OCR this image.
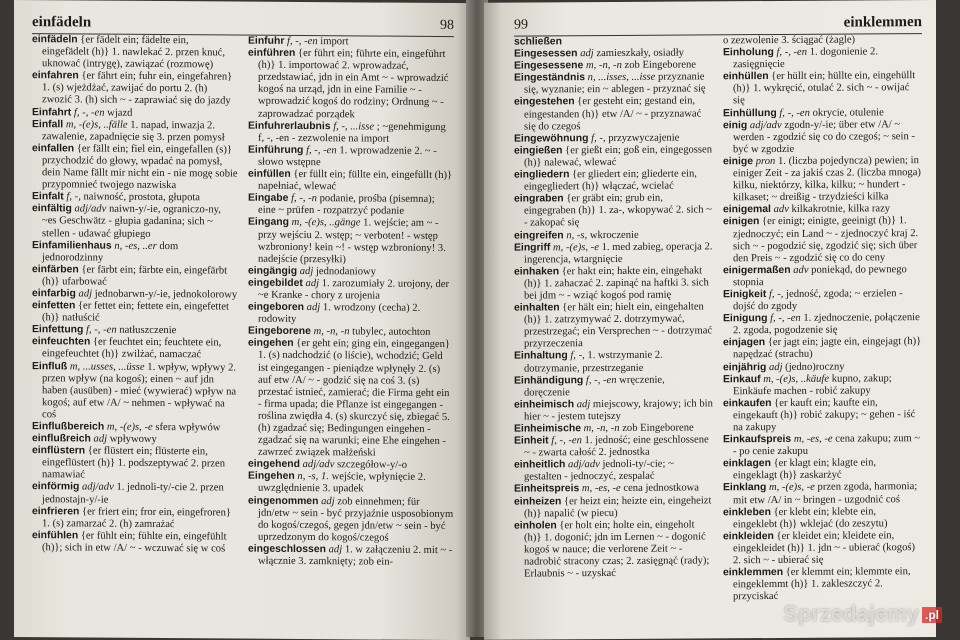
einfädeln	98
einfädeln {er fädelt ein; fädelte ein, eingefädelt (h)} 1. nawlekać 2. przen knuć, uknować (intrygę), zawiązać (rozmowę)
einfahren {er fährt ein; fuhr ein, eingefahren} 1. (s) wjeżdżać, zawijać do portu 2. (h) zwozić 3. (h) sich ~ - zaprawiać się do jazdy
Einfahrt f, -, -en wjazd
Einfall m, -(e)s, ..fälle 1. napad, inwazja 2. zawalenie, zapadnięcie się 3. przen pomysł
einfallen {er fällt ein; fiel ein, eingefallen (s)} przychodzić do głowy, wpadać na pomysł, dein Name fällt mir nicht ein - nie mogę sobie przypomnieć twojego nazwiska
Einfalt f, -, naiwność, prostota, głupota
einfältig adj/adv naiwn-y/-ie, ograniczo-ny, ~es Geschwätz - głupia gadanina; sich ~ stellen - udawać głupiego
Einfamilienhaus n, -es, ..er dom jednorodzinny
einfärben {er färbt ein; färbte ein, eingefärbt (h)} ufarbować
einfarbig adj jednobarwn-y/-ie, jednokolorowy
einfetten {er fettet ein; fettete ein, eingefettet (h)} natłuścić
Einfettung f, -, -en natłuszczenie
einfeuchten {er feuchtet ein; feuchtete ein, eingefeuchtet (h)} zwilżać, namaczać
Einfluß m, ...usses, ...üsse 1. wpływ, wpływy 2. przen wpływ (na kogoś); einen ~ auf jdn haben (ausüben) - mieć (wywierać) wpływ na kogoś; auf etw /A/ ~ nehmen - wpływać na coś
Einflußbereich m, -(e)s, -e sfera wpływów
einflußreich adj wpływowy
einflüstern {er flüstert ein; flüsterte ein, eingeflüstert (h)} 1. podszeptywać 2. przen namawiać
einförmig adj/adv 1. jednoli-ty/-cie 2. przen jednostajn-y/-ie
einfrieren {er friert ein; fror ein, eingefroren} 1. (s) zamarzać 2. (h) zamrażać
einfühlen {er fühlt ein; fühlte ein, eingefühlt (h)}; sich in etw /A/ ~ - wczuwać się w coś
Einfuhr f, -, -en import
einführen {er führt ein; führte ein, eingeführt (h)} 1. importować 2. wprowadzać, przedstawiać, jdn in ein Amt ~ - wprowadzić kogoś na urząd, jdn in eine Familie ~ - wprowadzić kogoś do rodziny; Ordnung ~ - zaprowadzać porządek
Einfuhrerlaubnis f, -, ...isse ; ~genehmigung f, -, -en - zezwolenie na import
Einführung f, -, -en 1. wprowadzenie 2. ~ - słowo wstępne
einfüllen {er füllt ein; füllte ein, eingefüllt (h)} napełniać, wlewać
Eingabe f, -, -n podanie, prośba (pisemna); eine ~ prüfen - rozpatrzyć podanie
Eingang m, -(e)s, ..gänge 1. wejście; am ~ - przy wejściu 2. wstęp; ~ verboten! - wstęp wzbroniony! kein ~! - wstęp wzbroniony! 3. nadejście (przesyłki)
eingängig adj jednodaniowy
eingebildet adj 1. zarozumiały 2. urojony, der ~e Kranke - chory z urojenia
eingeboren adj 1. wrodzony (cecha) 2. rodowity
Eingeborene m, -n, -n tubylec, autochton
eingehen {er geht ein; ging ein, eingegangen} 1. (s) nadchodzić (o liście), wchodzić; Geld ist eingegangen - pieniądze wpłynęły 2. (s) auf etw /A/ ~ - godzić się na coś 3. (s) przestać istnieć, zamierać; die Firma geht ein - firma upada; die Pflanze ist eingegangen - roślina zwiędła 4. (s) skurczyć się, zbiegać 5. (h) zgadzać się; Bedingungen eingehen - zgadzać się na warunki; eine Ehe eingehen - zawrzeć związek małżeński
eingehend adj/adv szczegółow-y/-o
Eingehen n, -s, 1. wejście, wpłynięcie 2. uwzględnienie 3. upadek
eingenommen adj zob einnehmen; für jdn/etw ~ sein - być przyjaźnie usposobionym do kogoś/czegoś, gegen jdn/etw ~ sein - być uprzedzonym do kogoś/czegoś
eingeschlossen adj 1. w załączeniu 2. mit ~ - włącznie 3. zamknięty; zob ein-
99	einklemmen
schließen
Eingesessen adj zamieszkały, osiadły
Eingesessene m, -n, -n zob Eingeborene
Eingeständnis n, ...isses, ...isse przyznanie się, wyznanie; ein ~ ablegen - przyznać się
eingestehen {er gesteht ein; gestand ein, eingestanden (h)} etw /A/ ~ - przyznawać się do czegoś
Eingewöhnung f, -, przyzwyczajenie
eingießen {er gießt ein; goß ein, eingegossen (h)} nalewać, wlewać
eingliedern {er gliedert ein; gliederte ein, eingegliedert (h)} włączać, wcielać
eingraben {er gräbt ein; grub ein, eingegraben (h)} 1. za-, wkopywać 2. sich ~ - zakopać się
eingreifen n, -s, wkroczenie
Eingriff m, -(e)s, -e 1. med zabieg, operacja 2. ingerencja, wtargnięcie
einhaken {er hakt ein; hakte ein, eingehakt (h)} 1. zahaczać 2. zapinąć na haftki 3. sich bei jdm ~ - wziąć kogoś pod ramię
einhalten {er hält ein; hielt ein, eingehalten (h)} 1. zatrzymywać 2. dotrzymywać, przestrzegać; ein Versprechen ~ - dotrzymać przyrzeczenia
Einhaltung f, -, 1. wstrzymanie 2. dotrzymanie, przestrzeganie
Einhändigung f, -, -en wręczenie, doręczenie
einheimisch adj miejscowy, krajowy; ich bin hier ~ - jestem tutejszy
Einheimische m, -n, -n zob Eingeborene
Einheit f, -, -en 1. jedność; eine geschlossene ~ - zwarta całość 2. jednostka
einheitlich adj/adv jednoli-ty/-cie; ~ gestalten - jednoczyć, zespalać
Einheitspreis m, -es, -e cena jednostkowa
einheizen {er heizt ein; heizte ein, eingeheizt (h)} napalić (w piecu)
einholen {er holt ein; holte ein, eingeholt (h)} 1. dogonić; jdn im Lernen ~ - dogonić kogoś w nauce; die verlorene Zeit ~ - nadrobić stracony czas; 2. zasięgnąć (rady); Erlaubnis ~ - uzyskać
o zezwolenie 3. ściągać (żagle)
Einholung f, -, -en 1. dogonienie 2. zasięgnięcie
einhüllen {er hüllt ein; hüllte ein, eingehüllt (h)} 1. wykręcić, otulać 2. sich ~ - owijać się
Einhüllung f, -, -en okrycie, otulenie
einig adj/adv zgodn-y/-ie; über etw /A/ ~ werden - zgodzić się co do czegoś; ~ sein - być w zgodzie
einige pron 1. (liczba pojedyncza) pewien; in einiger Zeit - za jakiś czas 2. (liczba mnoga) kilku, niektórzy, kilka, kilku; ~ hundert - kilkaset; ~ dreißig - trzydzieści kilka
einigemal adv kilkakrotnie, kilka razy
einigen {er einigt; einigte, geeinigt (h)} 1. zjednoczyć; ein Land ~ - zjednoczyć kraj 2. sich ~ - pogodzić się, zgodzić się; sich über den Preis ~ - zgodzić się co do ceny
einigermaßen adv poniekąd, do pewnego stopnia
Einigkeit f, -, jedność, zgoda; ~ erzielen - dojść do zgody
Einigung f, -, -en 1. zjednoczenie, połączenie 2. zgoda, pogodzenie się
einjagen {er jagt ein; jagte ein, eingejagt (h)} napędzać (strachu)
einjährig adj (jedno)roczny
Einkauf m, -(e)s, ..käufe kupno, zakup; Einkäufe machen - robić zakupy
einkaufen {er kauft ein; kaufte ein, eingekauft (h)} robić zakupy; ~ gehen - iść na zakupy
Einkaufspreis m, -es, -e cena zakupu; zum ~ - po cenie zakupu
einklagen {er klagt ein; klagte ein, eingeklagt (h)} zaskarżyć
Einklang m, -(e)s, -e przen zgoda, harmonia; mit etw /A/ in ~ bringen - uzgodnić coś
einkleben {er klebt ein; klebte ein, eingeklebt (h)} wklejać (do zeszytu)
einkleiden {er kleidet ein; kleidete ein, eingekleidet (h)} 1. jdn ~ - ubierać (kogoś) 2. sich ~ - ubierać się
einklemmen {er klemmt ein; klemmte ein, eingeklemmt (h)} 1. zakleszczyć 2. przyciskać
Sprzedajemy .pl
